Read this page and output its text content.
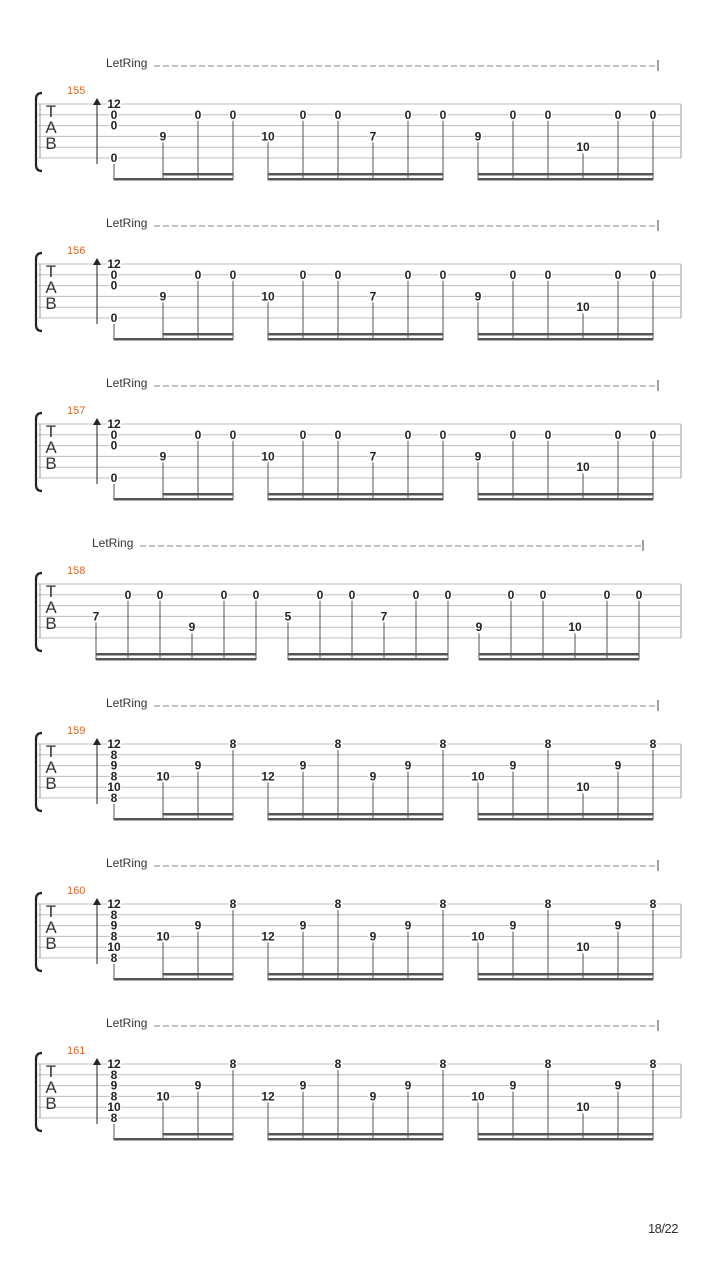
LetRing
155
T
A
B
12
0
0
0
9
0 0
10
0 0
7
0 0
9
0 0
10
0 0
LetRing
156
T
A
B
12
0
0
0
9
0 0
10
0 0
7
0 0
9
0 0
10
0 0
LetRing
157
T
A
B
12
0
0
0
9
0 0
10
0 0
7
0 0
9
0 0
10
0 0
LetRing
158
T
A
B	7
0 0
9
0 0
5
0 0
7
0 0
9
0 0
10
0 0
LetRing
159
T
A
B
12
8
9
8
10
8
10
9
8
12
9
8
9
9
8
10
9
8
10
9
8
LetRing
160
T
A
B
12
8
9
8
10
8
10
9
8
12
9
8
9
9
8
10
9
8
10
9
8
LetRing
161
T
A
B
12
8
9
8
10
8
10
9
8
12
9
8
9
9
8
10
9
8
10
9
8
18/22
